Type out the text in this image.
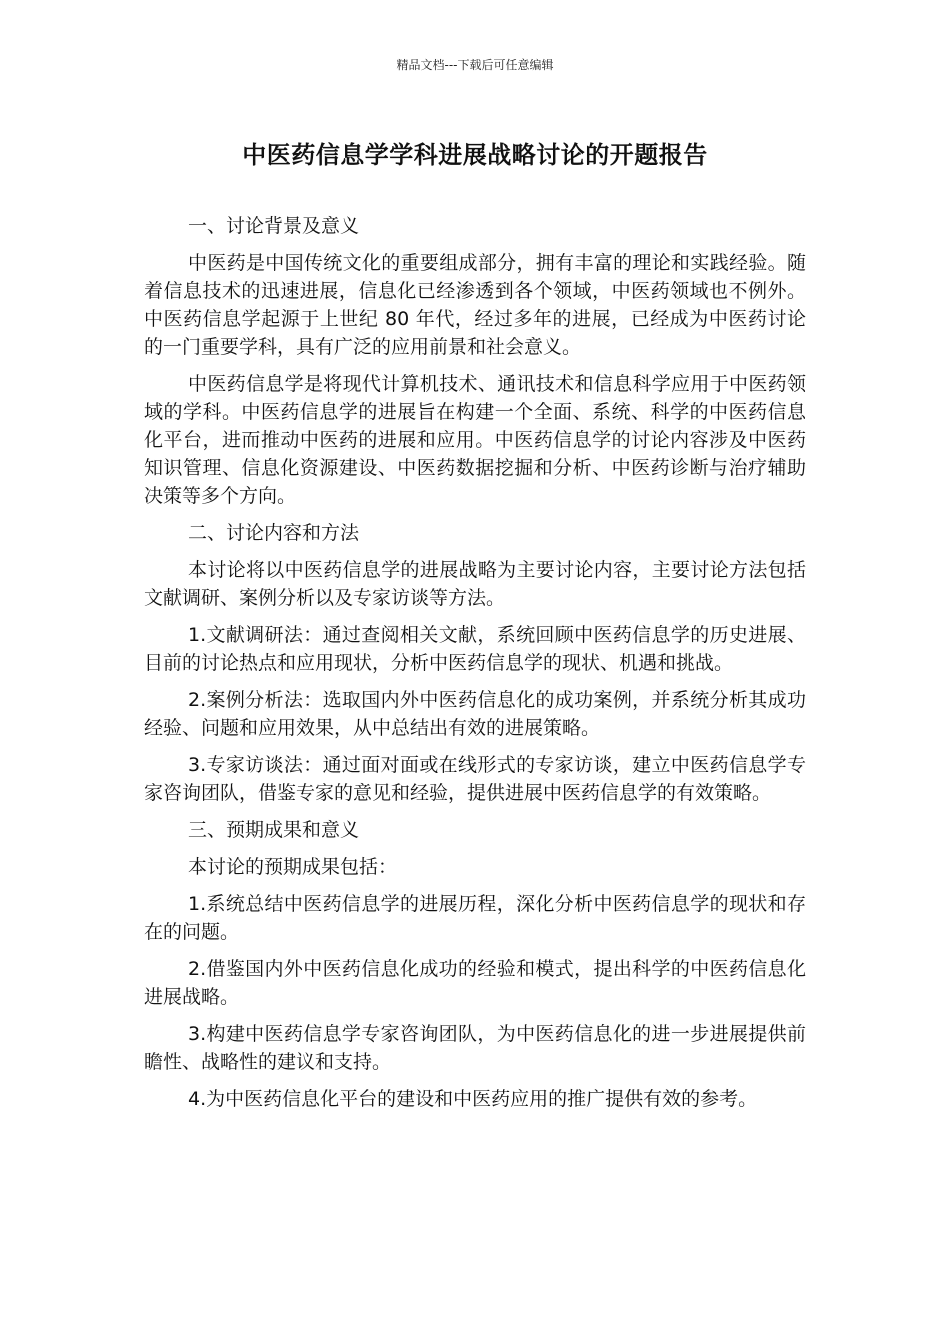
精品文档---下载后可任意编辑
中医药信息学学科进展战略讨论的开题报告

一、讨论背景及意义

中医药是中国传统文化的重要组成部分，拥有丰富的理论和实践经验。随着信息技术的迅速进展，信息化已经渗透到各个领域，中医药领域也不例外。中医药信息学起源于上世纪 80 年代，经过多年的进展，已经成为中医药讨论的一门重要学科，具有广泛的应用前景和社会意义。

中医药信息学是将现代计算机技术、通讯技术和信息科学应用于中医药领域的学科。中医药信息学的进展旨在构建一个全面、系统、科学的中医药信息化平台，进而推动中医药的进展和应用。中医药信息学的讨论内容涉及中医药知识管理、信息化资源建设、中医药数据挖掘和分析、中医药诊断与治疗辅助决策等多个方向。

二、讨论内容和方法

本讨论将以中医药信息学的进展战略为主要讨论内容，主要讨论方法包括文献调研、案例分析以及专家访谈等方法。

1.文献调研法：通过查阅相关文献，系统回顾中医药信息学的历史进展、目前的讨论热点和应用现状，分析中医药信息学的现状、机遇和挑战。

2.案例分析法：选取国内外中医药信息化的成功案例，并系统分析其成功经验、问题和应用效果，从中总结出有效的进展策略。

3.专家访谈法：通过面对面或在线形式的专家访谈，建立中医药信息学专家咨询团队，借鉴专家的意见和经验，提供进展中医药信息学的有效策略。

三、预期成果和意义

本讨论的预期成果包括：

1.系统总结中医药信息学的进展历程，深化分析中医药信息学的现状和存在的问题。

2.借鉴国内外中医药信息化成功的经验和模式，提出科学的中医药信息化进展战略。

3.构建中医药信息学专家咨询团队，为中医药信息化的进一步进展提供前瞻性、战略性的建议和支持。

4.为中医药信息化平台的建设和中医药应用的推广提供有效的参考。
